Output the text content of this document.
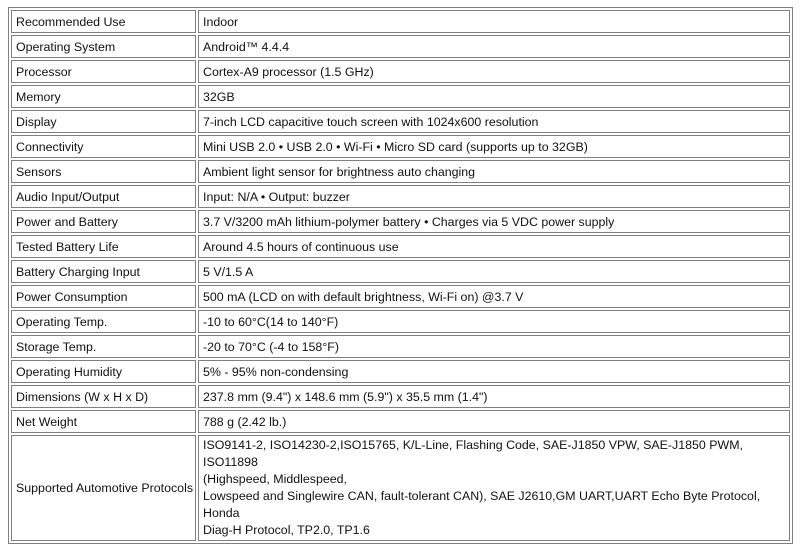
Recommended Use	Indoor
Operating System	Android™ 4.4.4
Processor	Cortex-A9 processor (1.5 GHz)
Memory	32GB
Display	7-inch LCD capacitive touch screen with 1024x600 resolution
Connectivity	Mini USB 2.0 • USB 2.0 • Wi-Fi • Micro SD card (supports up to 32GB)
Sensors	Ambient light sensor for brightness auto changing
Audio Input/Output	Input: N/A • Output: buzzer
Power and Battery	3.7 V/3200 mAh lithium-polymer battery • Charges via 5 VDC power supply
Tested Battery Life	Around 4.5 hours of continuous use
Battery Charging Input	5 V/1.5 A
Power Consumption	500 mA (LCD on with default brightness, Wi-Fi on) @3.7 V
Operating Temp.	-10 to 60°C(14 to 140°F)
Storage Temp.	-20 to 70°C (-4 to 158°F)
Operating Humidity	5% - 95% non-condensing
Dimensions (W x H x D)	237.8 mm (9.4") x 148.6 mm (5.9") x 35.5 mm (1.4")
Net Weight	788 g (2.42 lb.)
Supported Automotive Protocols	ISO9141-2, ISO14230-2,ISO15765, K/L-Line, Flashing Code, SAE-J1850 VPW, SAE-J1850 PWM, ISO11898
(Highspeed, Middlespeed,
Lowspeed and Singlewire CAN, fault-tolerant CAN), SAE J2610,GM UART,UART Echo Byte Protocol, Honda
Diag-H Protocol, TP2.0, TP1.6
